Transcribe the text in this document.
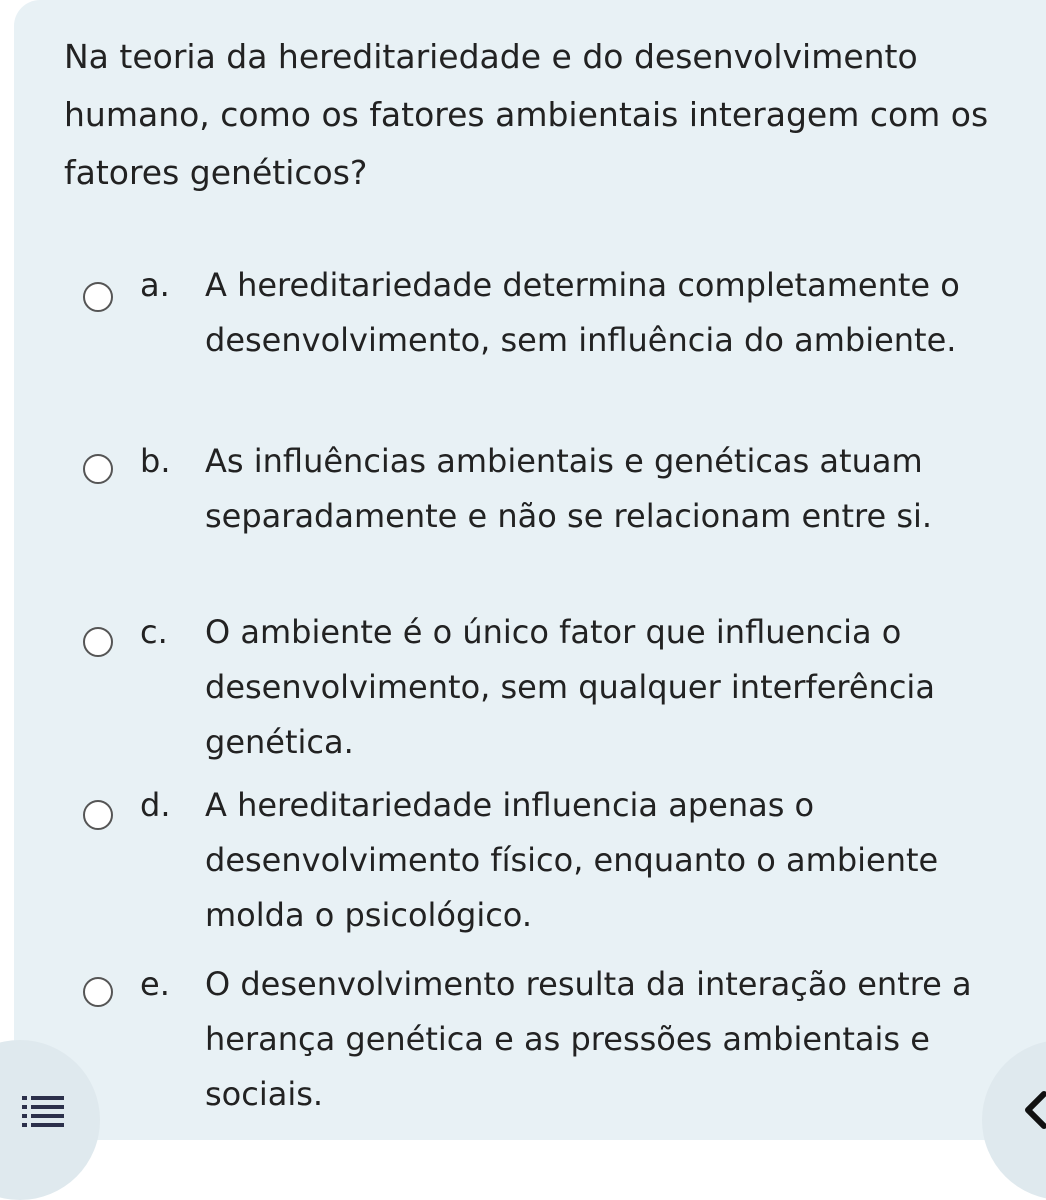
Na teoria da hereditariedade e do desenvolvimento humano, como os fatores ambientais interagem com os fatores genéticos?

a. A hereditariedade determina completamente o desenvolvimento, sem influência do ambiente.
b. As influências ambientais e genéticas atuam separadamente e não se relacionam entre si.
c. O ambiente é o único fator que influencia o desenvolvimento, sem qualquer interferência genética.
d. A hereditariedade influencia apenas o desenvolvimento físico, enquanto o ambiente molda o psicológico.
e. O desenvolvimento resulta da interação entre a herança genética e as pressões ambientais e sociais.
